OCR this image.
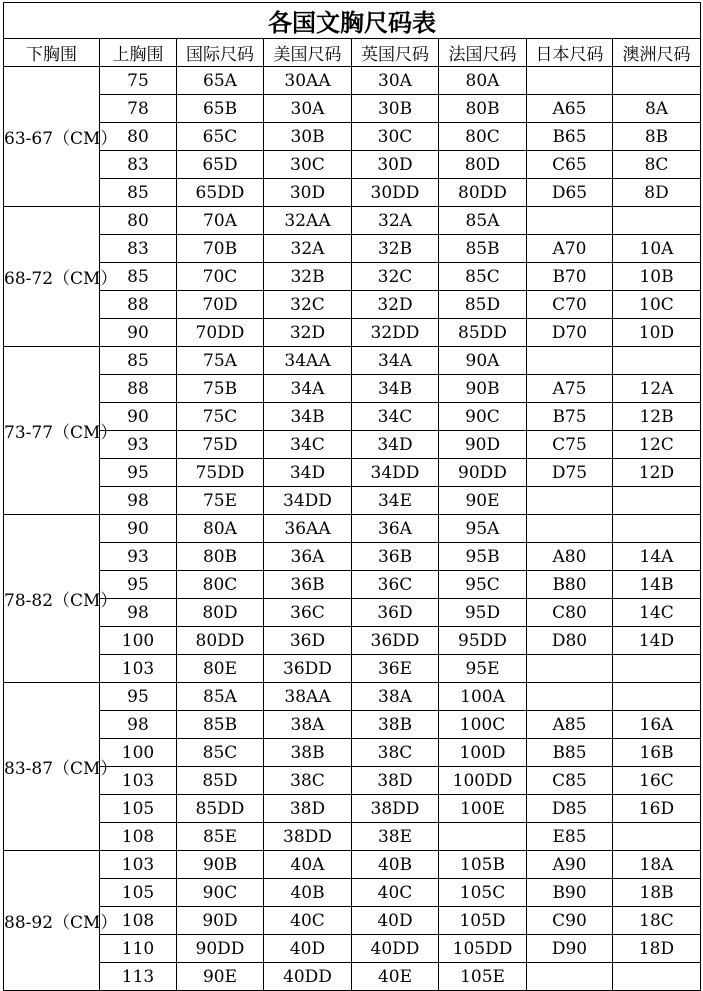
各国文胸尺码表							
下胸围	上胸围	国际尺码	美国尺码	英国尺码	法国尺码	日本尺码	澳洲尺码
63-67（CM）	75	65A	30AA	30A	80A		
	78	65B	30A	30B	80B	A65	8A
	80	65C	30B	30C	80C	B65	8B
	83	65D	30C	30D	80D	C65	8C
	85	65DD	30D	30DD	80DD	D65	8D
68-72（CM）	80	70A	32AA	32A	85A		
	83	70B	32A	32B	85B	A70	10A
	85	70C	32B	32C	85C	B70	10B
	88	70D	32C	32D	85D	C70	10C
	90	70DD	32D	32DD	85DD	D70	10D
73-77（CM）	85	75A	34AA	34A	90A		
	88	75B	34A	34B	90B	A75	12A
	90	75C	34B	34C	90C	B75	12B
	93	75D	34C	34D	90D	C75	12C
	95	75DD	34D	34DD	90DD	D75	12D
	98	75E	34DD	34E	90E		
78-82（CM）	90	80A	36AA	36A	95A		
	93	80B	36A	36B	95B	A80	14A
	95	80C	36B	36C	95C	B80	14B
	98	80D	36C	36D	95D	C80	14C
	100	80DD	36D	36DD	95DD	D80	14D
	103	80E	36DD	36E	95E		
83-87（CM）	95	85A	38AA	38A	100A		
	98	85B	38A	38B	100C	A85	16A
	100	85C	38B	38C	100D	B85	16B
	103	85D	38C	38D	100DD	C85	16C
	105	85DD	38D	38DD	100E	D85	16D
	108	85E	38DD	38E		E85	
88-92（CM）	103	90B	40A	40B	105B	A90	18A
	105	90C	40B	40C	105C	B90	18B
	108	90D	40C	40D	105D	C90	18C
	110	90DD	40D	40DD	105DD	D90	18D
	113	90E	40DD	40E	105E		
